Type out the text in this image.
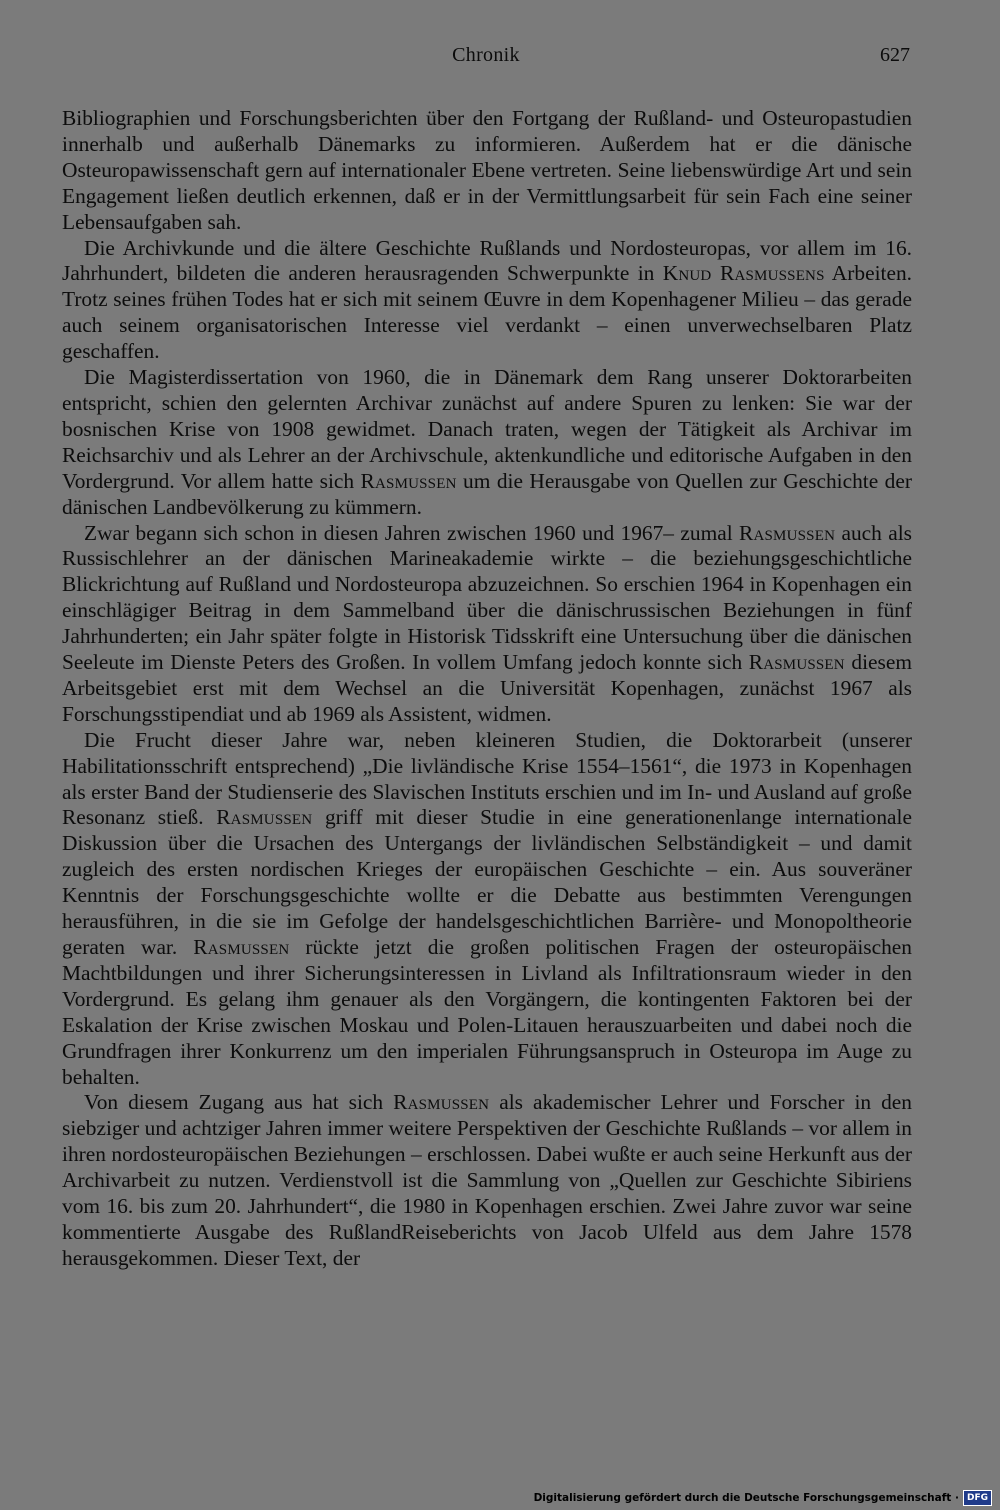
Chronik	627

Bibliographien und Forschungsberichten über den Fortgang der Rußland- und Osteuropastudien innerhalb und außerhalb Dänemarks zu informieren. Außerdem hat er die dänische Osteuropawissenschaft gern auf internationaler Ebene vertreten. Seine liebenswürdige Art und sein Engagement ließen deutlich erkennen, daß er in der Vermittlungsarbeit für sein Fach eine seiner Lebensaufgaben sah.

Die Archivkunde und die ältere Geschichte Rußlands und Nordosteuropas, vor allem im 16. Jahrhundert, bildeten die anderen herausragenden Schwerpunkte in Knud Rasmussens Arbeiten. Trotz seines frühen Todes hat er sich mit seinem Œuvre in dem Kopenhagener Milieu – das gerade auch seinem organisatorischen Interesse viel verdankt – einen unverwechselbaren Platz geschaffen.

Die Magisterdissertation von 1960, die in Dänemark dem Rang unserer Doktorarbeiten entspricht, schien den gelernten Archivar zunächst auf andere Spuren zu lenken: Sie war der bosnischen Krise von 1908 gewidmet. Danach traten, wegen der Tätigkeit als Archivar im Reichsarchiv und als Lehrer an der Archivschule, aktenkundliche und editorische Aufgaben in den Vordergrund. Vor allem hatte sich Rasmussen um die Herausgabe von Quellen zur Geschichte der dänischen Landbevölkerung zu kümmern.

Zwar begann sich schon in diesen Jahren zwischen 1960 und 1967– zumal Rasmussen auch als Russischlehrer an der dänischen Marineakademie wirkte – die beziehungsgeschichtliche Blickrichtung auf Rußland und Nordosteuropa abzuzeichnen. So erschien 1964 in Kopenhagen ein einschlägiger Beitrag in dem Sammelband über die dänischrussischen Beziehungen in fünf Jahrhunderten; ein Jahr später folgte in Historisk Tidsskrift eine Untersuchung über die dänischen Seeleute im Dienste Peters des Großen. In vollem Umfang jedoch konnte sich Rasmussen diesem Arbeitsgebiet erst mit dem Wechsel an die Universität Kopenhagen, zunächst 1967 als Forschungsstipendiat und ab 1969 als Assistent, widmen.

Die Frucht dieser Jahre war, neben kleineren Studien, die Doktorarbeit (unserer Habilitationsschrift entsprechend) „Die livländische Krise 1554–1561“, die 1973 in Kopenhagen als erster Band der Studienserie des Slavischen Instituts erschien und im In- und Ausland auf große Resonanz stieß. Rasmussen griff mit dieser Studie in eine generationenlange internationale Diskussion über die Ursachen des Untergangs der livländischen Selbständigkeit – und damit zugleich des ersten nordischen Krieges der europäischen Geschichte – ein. Aus souveräner Kenntnis der Forschungsgeschichte wollte er die Debatte aus bestimmten Verengungen herausführen, in die sie im Gefolge der handelsgeschichtlichen Barrière- und Monopoltheorie geraten war. Rasmussen rückte jetzt die großen politischen Fragen der osteuropäischen Machtbildungen und ihrer Sicherungsinteressen in Livland als Infiltrationsraum wieder in den Vordergrund. Es gelang ihm genauer als den Vorgängern, die kontingenten Faktoren bei der Eskalation der Krise zwischen Moskau und Polen-Litauen herauszuarbeiten und dabei noch die Grundfragen ihrer Konkurrenz um den imperialen Führungsanspruch in Osteuropa im Auge zu behalten.

Von diesem Zugang aus hat sich Rasmussen als akademischer Lehrer und Forscher in den siebziger und achtziger Jahren immer weitere Perspektiven der Geschichte Rußlands – vor allem in ihren nordosteuropäischen Beziehungen – erschlossen. Dabei wußte er auch seine Herkunft aus der Archivarbeit zu nutzen. Verdienstvoll ist die Sammlung von „Quellen zur Geschichte Sibiriens vom 16. bis zum 20. Jahrhundert“, die 1980 in Kopenhagen erschien. Zwei Jahre zuvor war seine kommentierte Ausgabe des RußlandReiseberichts von Jacob Ulfeld aus dem Jahre 1578 herausgekommen. Dieser Text, der

Digitalisierung gefördert durch die Deutsche Forschungsgemeinschaft · DFG
